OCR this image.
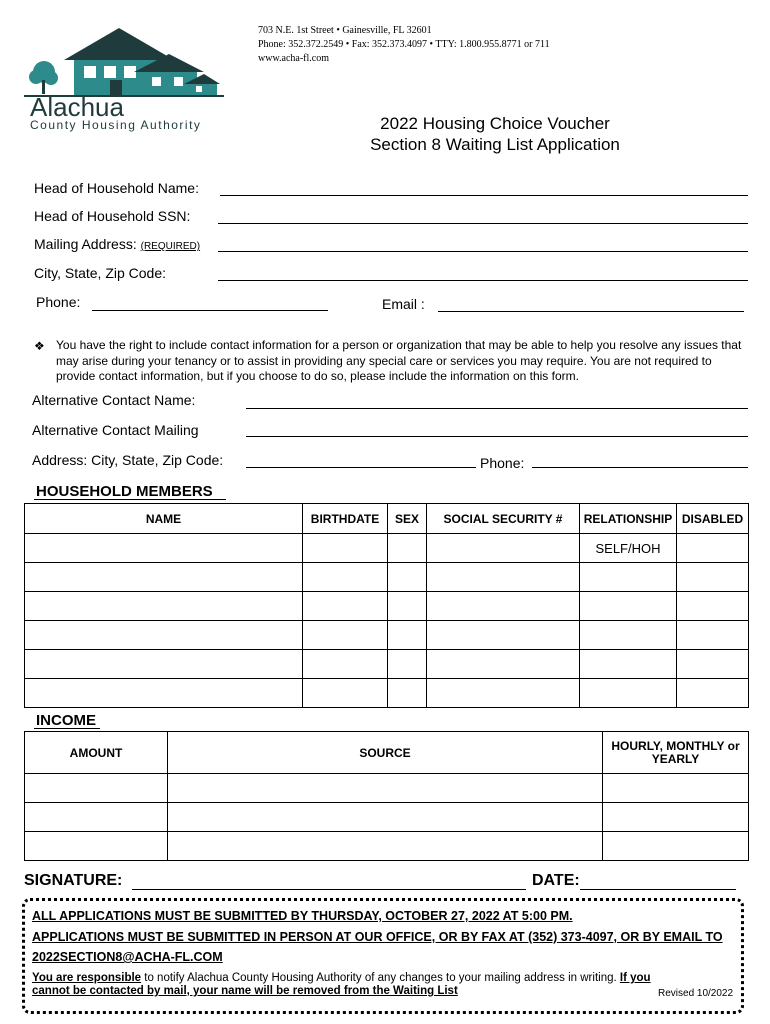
Alachua
County Housing Authority
703 N.E. 1st Street • Gainesville, FL 32601
Phone: 352.372.2549 • Fax: 352.373.4097 • TTY: 1.800.955.8771 or 711
www.acha-fl.com
2022 Housing Choice Voucher
Section 8 Waiting List Application
Head of Household Name:
Head of Household SSN:
Mailing Address: (REQUIRED)
City, State, Zip Code:
Phone:	Email :
❖ You have the right to include contact information for a person or organization that may be able to help you resolve any issues that may arise during your tenancy or to assist in providing any special care or services you may require. You are not required to provide contact information, but if you choose to do so, please include the information on this form.
Alternative Contact Name:
Alternative Contact Mailing
Address: City, State, Zip Code:	Phone:
HOUSEHOLD MEMBERS
NAME	BIRTHDATE	SEX	SOCIAL SECURITY #	RELATIONSHIP	DISABLED
				SELF/HOH	

INCOME
AMOUNT	SOURCE	HOURLY, MONTHLY or YEARLY

SIGNATURE:	DATE:
ALL APPLICATIONS MUST BE SUBMITTED BY THURSDAY, OCTOBER 27, 2022 AT 5:00 PM.
APPLICATIONS MUST BE SUBMITTED IN PERSON AT OUR OFFICE, OR BY FAX AT (352) 373-4097, OR BY EMAIL TO
2022SECTION8@ACHA-FL.COM
You are responsible to notify Alachua County Housing Authority of any changes to your mailing address in writing. If you
cannot be contacted by mail, your name will be removed from the Waiting List	Revised 10/2022
